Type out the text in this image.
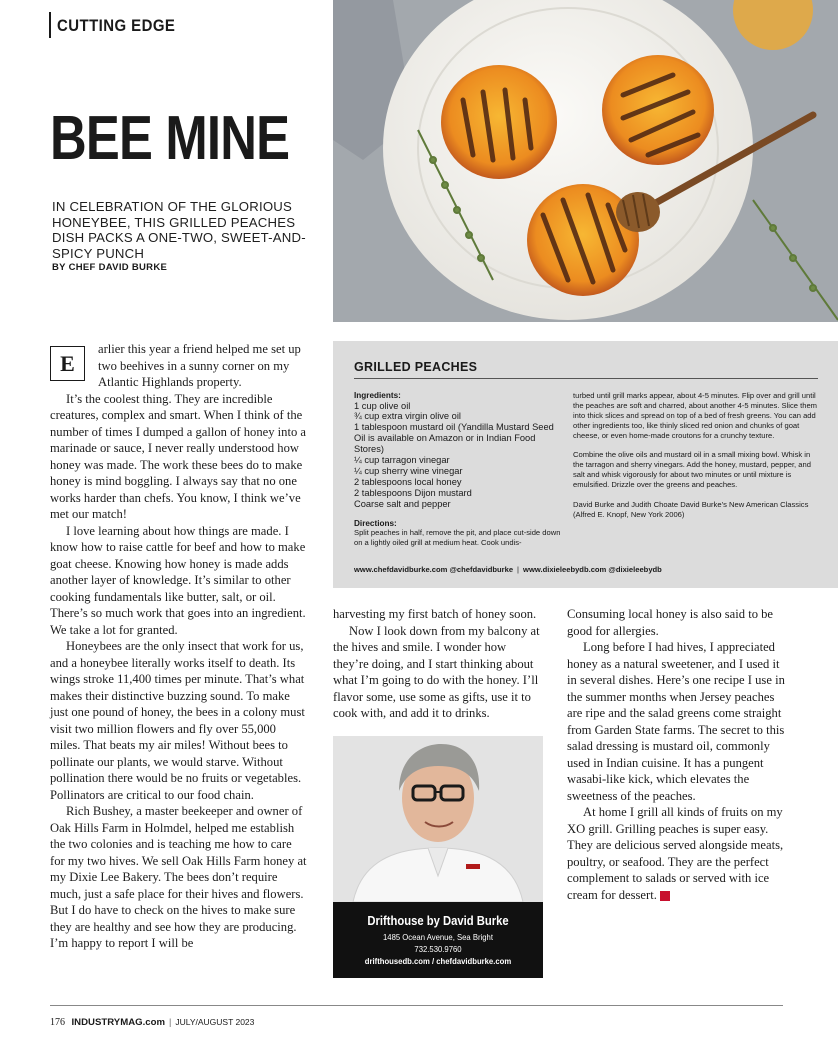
CUTTING EDGE
BEE MINE
IN CELEBRATION OF THE GLORIOUS HONEYBEE, THIS GRILLED PEACHES DISH PACKS A ONE-TWO, SWEET-AND-SPICY PUNCH
BY CHEF DAVID BURKE
GRILLED PEACHES
Ingredients:
1 cup olive oil
¾ cup extra virgin olive oil
1 tablespoon mustard oil (Yandilla Mustard Seed Oil is available on Amazon or in Indian Food Stores)
¼ cup tarragon vinegar
¼ cup sherry wine vinegar
2 tablespoons local honey
2 tablespoons Dijon mustard
Coarse salt and pepper
Directions:
Split peaches in half, remove the pit, and place cut-side down on a lightly oiled grill at medium heat. Cook undis-

turbed until grill marks appear, about 4-5 minutes. Flip over and grill until the peaches are soft and charred, about another 4-5 minutes. Slice them into thick slices and spread on top of a bed of fresh greens. You can add other ingredients too, like thinly sliced red onion and chunks of goat cheese, or even home-made croutons for a crunchy texture.

Combine the olive oils and mustard oil in a small mixing bowl. Whisk in the tarragon and sherry vinegars. Add the honey, mustard, pepper, and salt and whisk vigorously for about two minutes or until mixture is emulsified. Drizzle over the greens and peaches.

David Burke and Judith Choate David Burke’s New American Classics (Alfred E. Knopf, New York 2006)

www.chefdavidburke.com @chefdavidburke | www.dixieleebydb.com @dixieleebydb
E

arlier this year a friend helped me set up two beehives in a sunny corner on my Atlantic Highlands property.

It’s the coolest thing. They are incredible creatures, complex and smart. When I think of the number of times I dumped a gallon of honey into a marinade or sauce, I never really understood how honey was made. The work these bees do to make honey is mind boggling. I always say that no one works harder than chefs. You know, I think we’ve met our match!

I love learning about how things are made. I know how to raise cattle for beef and how to make goat cheese. Knowing how honey is made adds another layer of knowledge. It’s similar to other cooking fundamentals like butter, salt, or oil. There’s so much work that goes into an ingredient. We take a lot for granted.

Honeybees are the only insect that work for us, and a honeybee literally works itself to death. Its wings stroke 11,400 times per minute. That’s what makes their distinctive buzzing sound. To make just one pound of honey, the bees in a colony must visit two million flowers and fly over 55,000 miles. That beats my air miles! Without bees to pollinate our plants, we would starve. Without pollination there would be no fruits or vegetables. Pollinators are critical to our food chain.

Rich Bushey, a master beekeeper and owner of Oak Hills Farm in Holmdel, helped me establish the two colonies and is teaching me how to care for my two hives. We sell Oak Hills Farm honey at my Dixie Lee Bakery. The bees don’t require much, just a safe place for their hives and flowers. But I do have to check on the hives to make sure they are healthy and see how they are producing. I’m happy to report I will be

harvesting my first batch of honey soon.

Now I look down from my balcony at the hives and smile. I wonder how they’re doing, and I start thinking about what I’m going to do with the honey. I’ll flavor some, use some as gifts, use it to cook with, and add it to drinks.

Drifthouse by David Burke
1485 Ocean Avenue, Sea Bright
732.530.9760
drifthousedb.com / chefdavidburke.com

Consuming local honey is also said to be good for allergies.

Long before I had hives, I appreciated honey as a natural sweetener, and I used it in several dishes. Here’s one recipe I use in the summer months when Jersey peaches are ripe and the salad greens come straight from Garden State farms. The secret to this salad dressing is mustard oil, commonly used in Indian cuisine. It has a pungent wasabi-like kick, which elevates the sweetness of the peaches.

At home I grill all kinds of fruits on my XO grill. Grilling peaches is super easy. They are delicious served alongside meats, poultry, or seafood. They are the perfect complement to salads or served with ice cream for dessert. I

176 INDUSTRYMAG.com | JULY/AUGUST 2023
